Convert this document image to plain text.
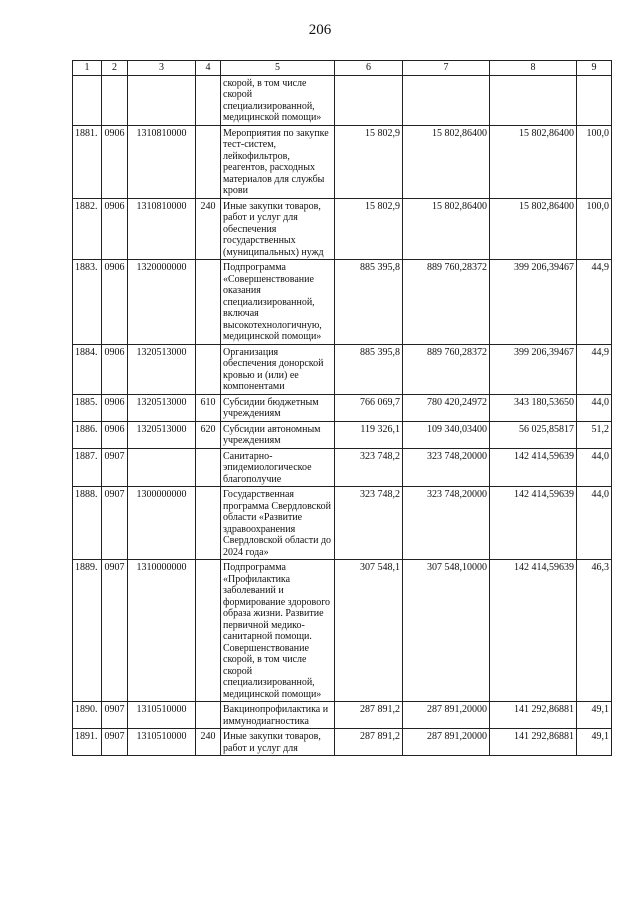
206
1	2	3	4	5	6	7	8	9
				скорой, в том числе скорой специализированной, медицинской помощи»				
1881.	0906	1310810000		Мероприятия по закупке тест-систем, лейкофильтров, реагентов, расходных материалов для службы крови	15 802,9	15 802,86400	15 802,86400	100,0
1882.	0906	1310810000	240	Иные закупки товаров, работ и услуг для обеспечения государственных (муниципальных) нужд	15 802,9	15 802,86400	15 802,86400	100,0
1883.	0906	1320000000		Подпрограмма «Совершенствование оказания специализированной, включая высокотехнологичную, медицинской помощи»	885 395,8	889 760,28372	399 206,39467	44,9
1884.	0906	1320513000		Организация обеспечения донорской кровью и (или) ее компонентами	885 395,8	889 760,28372	399 206,39467	44,9
1885.	0906	1320513000	610	Субсидии бюджетным учреждениям	766 069,7	780 420,24972	343 180,53650	44,0
1886.	0906	1320513000	620	Субсидии автономным учреждениям	119 326,1	109 340,03400	56 025,85817	51,2
1887.	0907			Санитарно-эпидемиологическое благополучие	323 748,2	323 748,20000	142 414,59639	44,0
1888.	0907	1300000000		Государственная программа Свердловской области «Развитие здравоохранения Свердловской области до 2024 года»	323 748,2	323 748,20000	142 414,59639	44,0
1889.	0907	1310000000		Подпрограмма «Профилактика заболеваний и формирование здорового образа жизни. Развитие первичной медико-санитарной помощи. Совершенствование скорой, в том числе скорой специализированной, медицинской помощи»	307 548,1	307 548,10000	142 414,59639	46,3
1890.	0907	1310510000		Вакцинопрофилактика и иммунодиагностика	287 891,2	287 891,20000	141 292,86881	49,1
1891.	0907	1310510000	240	Иные закупки товаров, работ и услуг для	287 891,2	287 891,20000	141 292,86881	49,1
